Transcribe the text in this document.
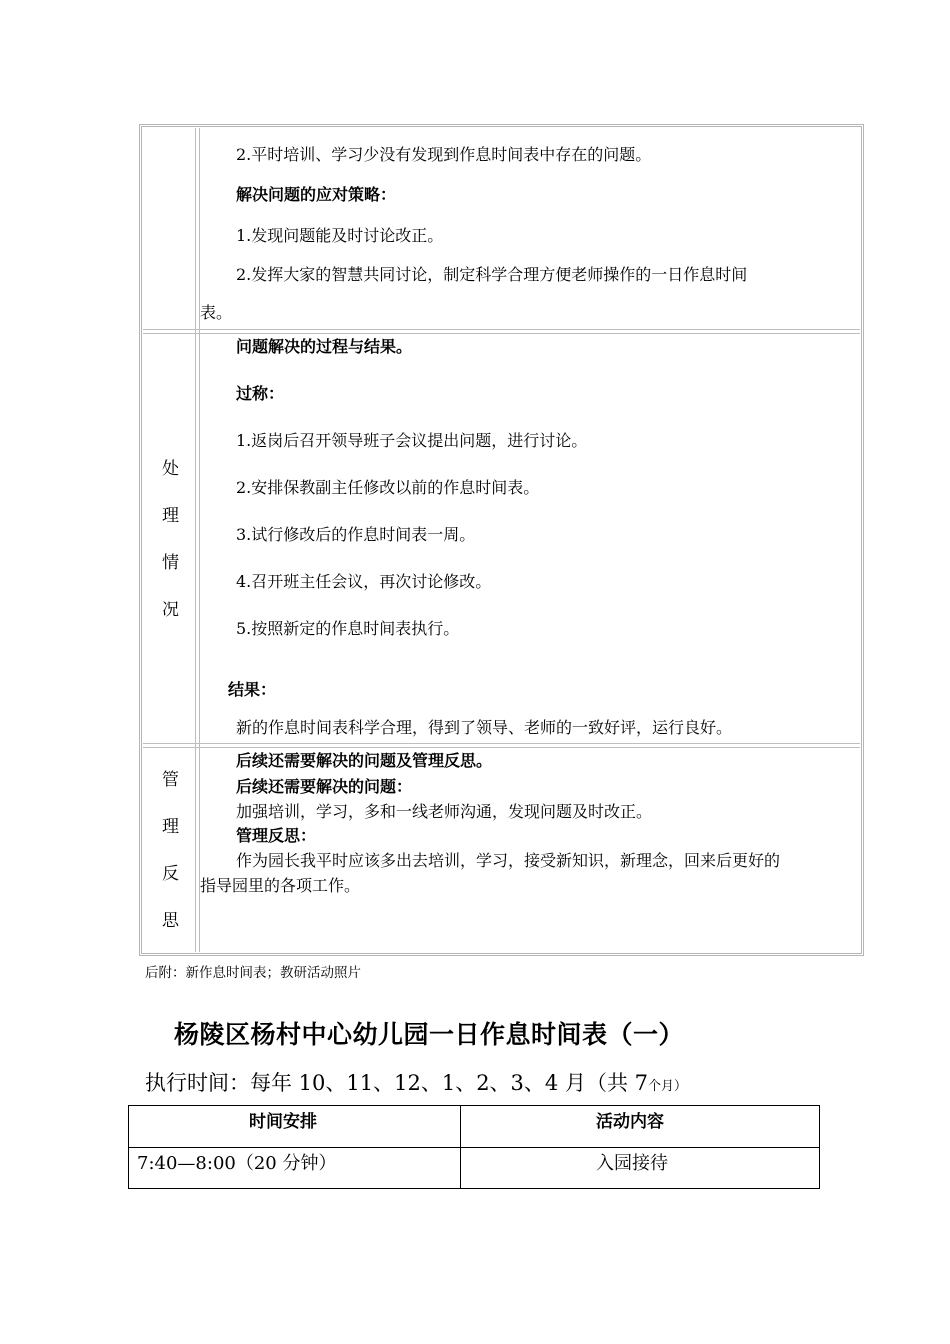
2.平时培训、学习少没有发现到作息时间表中存在的问题。
解决问题的应对策略：
1.发现问题能及时讨论改正。
2.发挥大家的智慧共同讨论，制定科学合理方便老师操作的一日作息时间
表。
处
理
情
况
问题解决的过程与结果。
过称：
1.返岗后召开领导班子会议提出问题，进行讨论。
2.安排保教副主任修改以前的作息时间表。
3.试行修改后的作息时间表一周。
4.召开班主任会议，再次讨论修改。
5.按照新定的作息时间表执行。
结果：
新的作息时间表科学合理，得到了领导、老师的一致好评，运行良好。
管
理
反
思
后续还需要解决的问题及管理反思。
后续还需要解决的问题：
加强培训，学习，多和一线老师沟通，发现问题及时改正。
管理反思：
作为园长我平时应该多出去培训，学习，接受新知识，新理念，回来后更好的
指导园里的各项工作。
后附：新作息时间表；教研活动照片
杨陵区杨村中心幼儿园一日作息时间表（一）
执行时间：每年 10、11、12、1、2、3、4 月（共 7个月）
时间安排	活动内容
7:40—8:00（20 分钟）	入园接待
